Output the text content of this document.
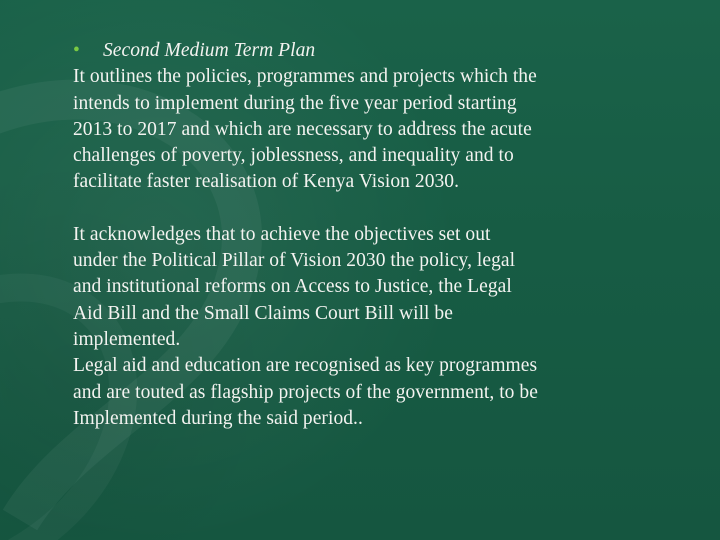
• Second Medium Term Plan

It outlines the policies, programmes and projects which the
intends to implement during the five year period starting
2013 to 2017 and which are necessary to address the acute
challenges of poverty, joblessness, and inequality and to
facilitate faster realisation of Kenya Vision 2030.

It acknowledges that to achieve the objectives set out
under the Political Pillar of Vision 2030 the policy, legal
and institutional reforms on Access to Justice, the Legal
Aid Bill and the Small Claims Court Bill will be
implemented.

Legal aid and education are recognised as key programmes
and are touted as flagship projects of the government, to be
Implemented during the said period..
